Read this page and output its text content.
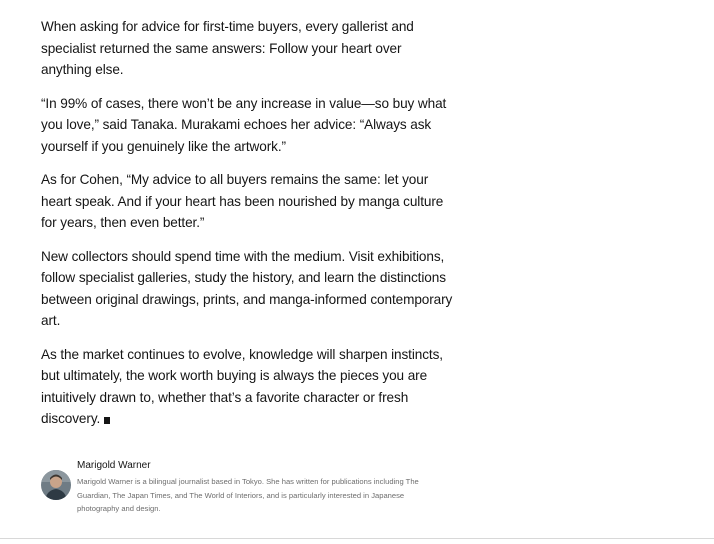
When asking for advice for first-time buyers, every gallerist and specialist returned the same answers: Follow your heart over anything else.

“In 99% of cases, there won’t be any increase in value—so buy what you love,” said Tanaka. Murakami echoes her advice: “Always ask yourself if you genuinely like the artwork.”

As for Cohen, “My advice to all buyers remains the same: let your heart speak. And if your heart has been nourished by manga culture for years, then even better.”

New collectors should spend time with the medium. Visit exhibitions, follow specialist galleries, study the history, and learn the distinctions between original drawings, prints, and manga-informed contemporary art.

As the market continues to evolve, knowledge will sharpen instincts, but ultimately, the work worth buying is always the pieces you are intuitively drawn to, whether that’s a favorite character or fresh discovery.

Marigold Warner
Marigold Warner is a bilingual journalist based in Tokyo. She has written for publications including The Guardian, The Japan Times, and The World of Interiors, and is particularly interested in Japanese photography and design.
